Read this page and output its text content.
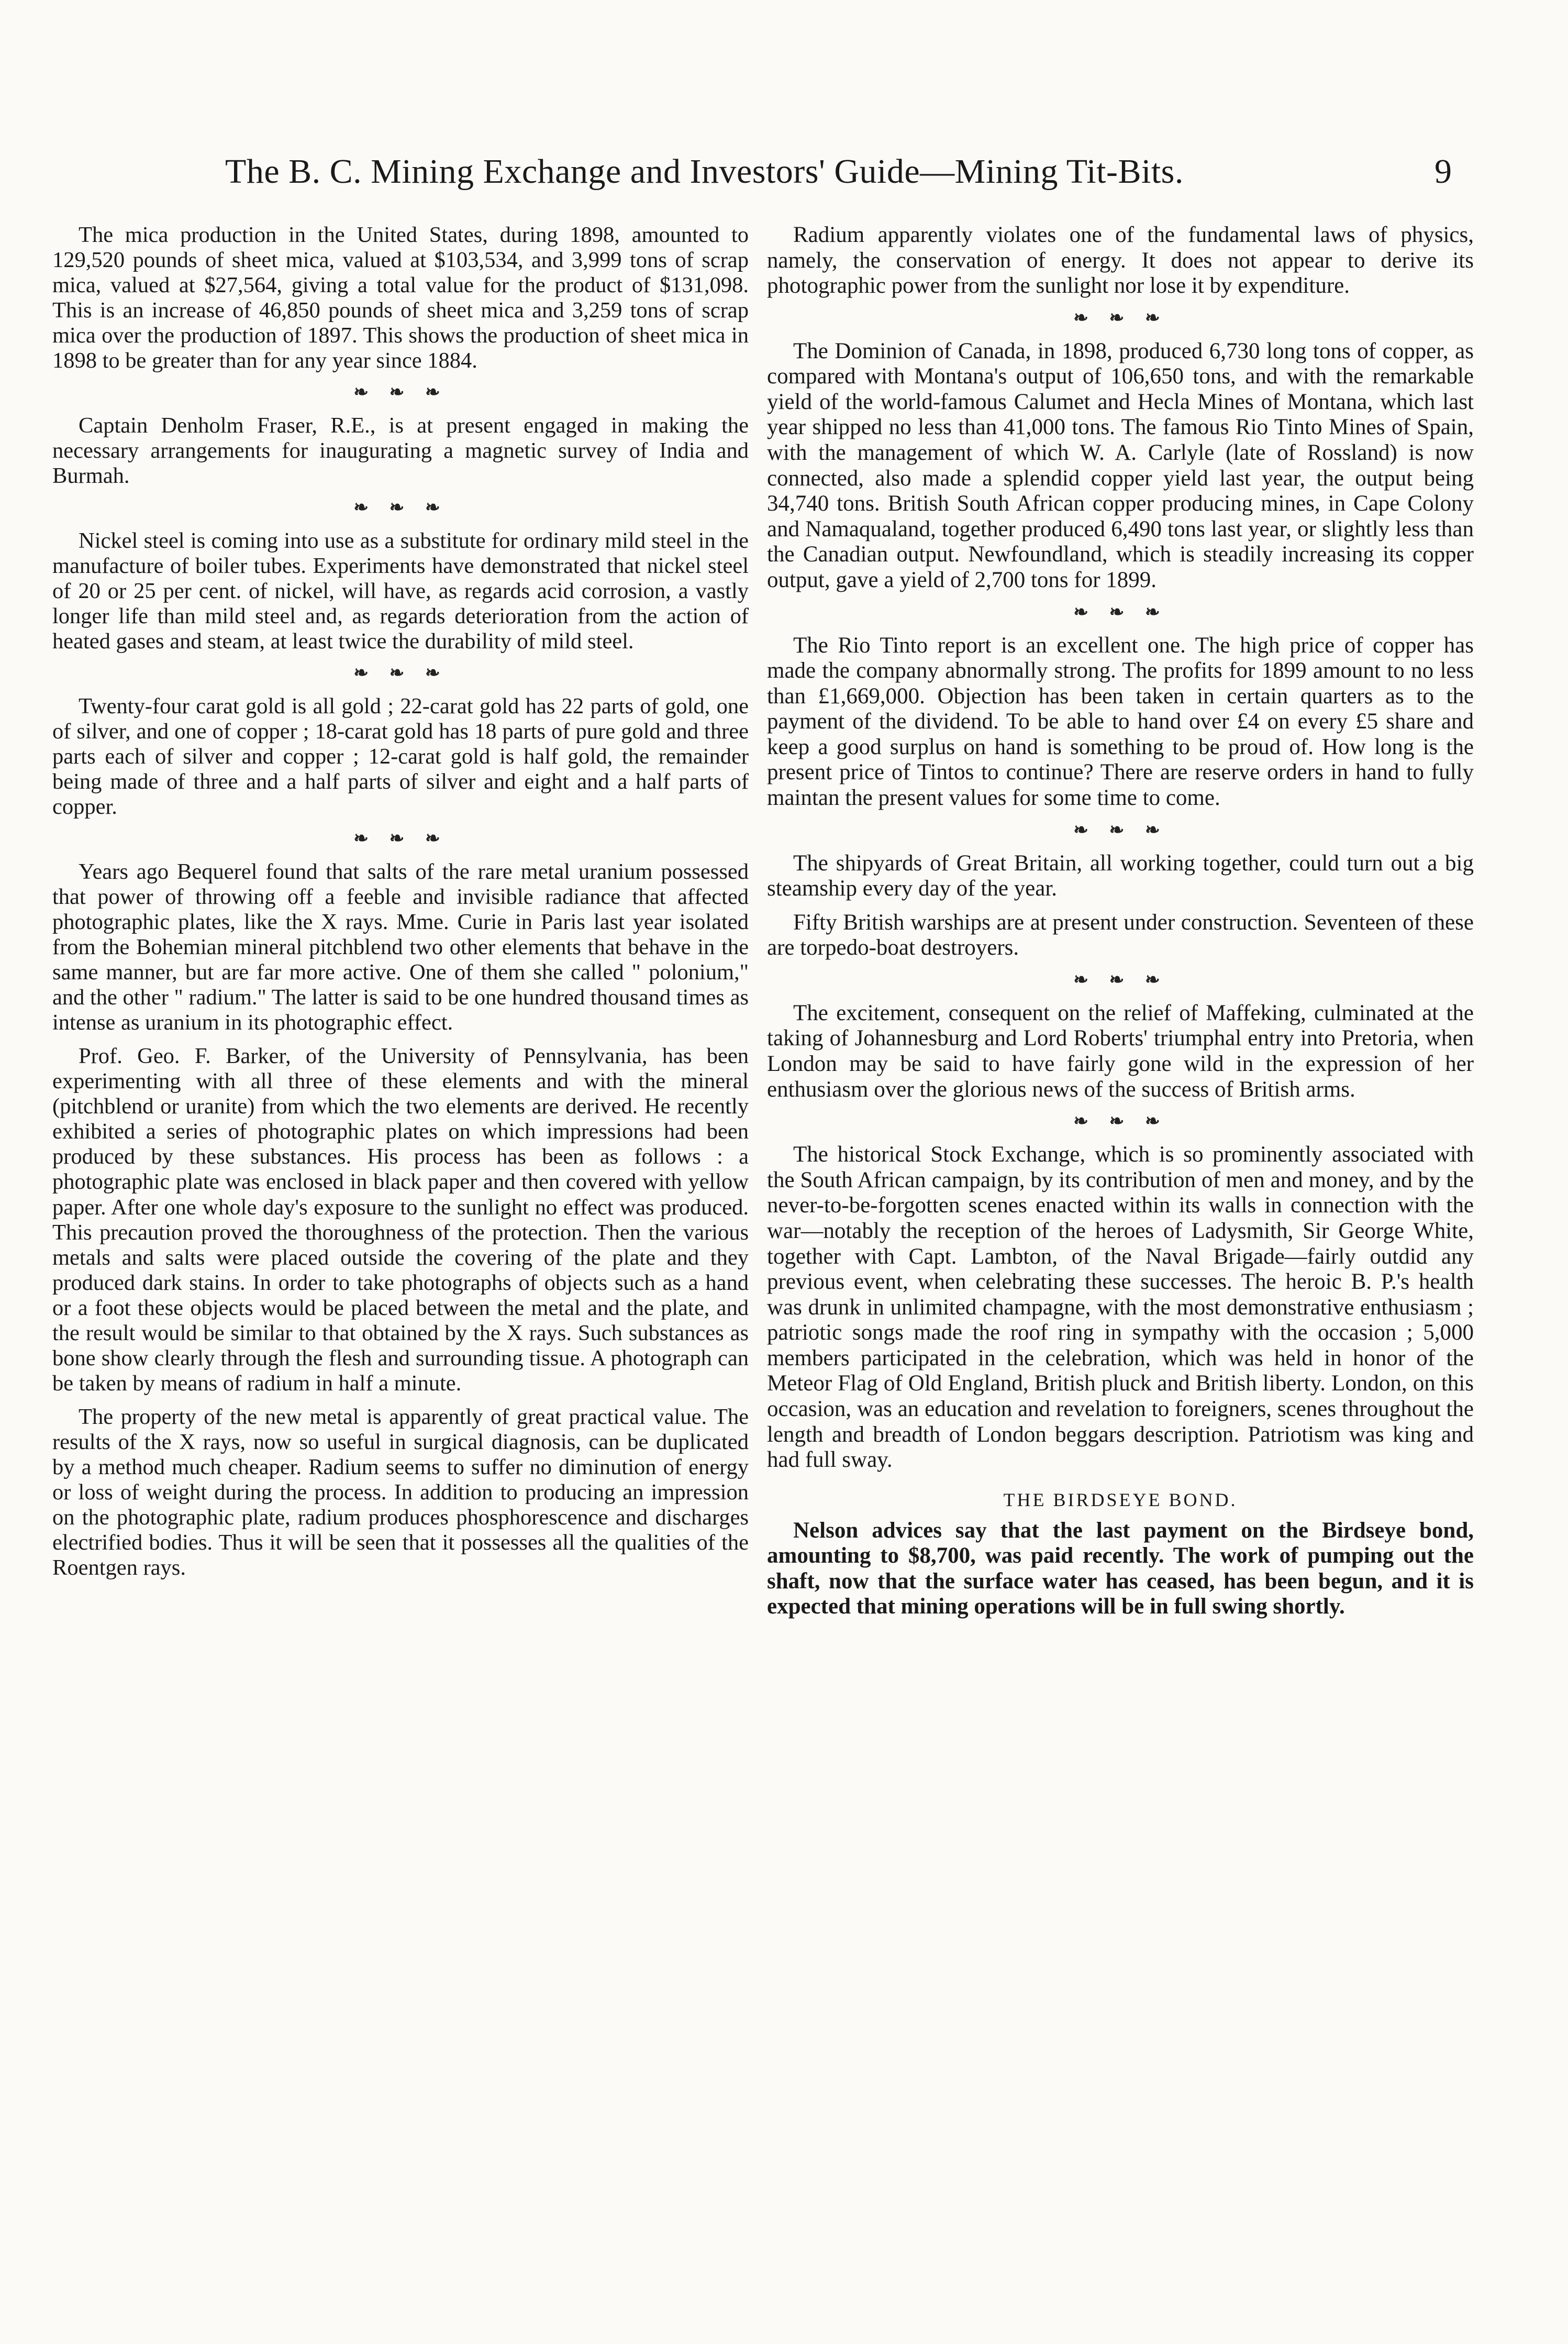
The B. C. Mining Exchange and Investors' Guide—Mining Tit-Bits.	9

The mica production in the United States, during 1898, amounted to 129,520 pounds of sheet mica, valued at $103,534, and 3,999 tons of scrap mica, valued at $27,564, giving a total value for the product of $131,098. This is an increase of 46,850 pounds of sheet mica and 3,259 tons of scrap mica over the production of 1897. This shows the production of sheet mica in 1898 to be greater than for any year since 1884.

❧ ❧ ❧

Captain Denholm Fraser, R.E., is at present engaged in making the necessary arrangements for inaugurating a magnetic survey of India and Burmah.

❧ ❧ ❧

Nickel steel is coming into use as a substitute for ordinary mild steel in the manufacture of boiler tubes. Experiments have demonstrated that nickel steel of 20 or 25 per cent. of nickel, will have, as regards acid corrosion, a vastly longer life than mild steel and, as regards deterioration from the action of heated gases and steam, at least twice the durability of mild steel.

❧ ❧ ❧

Twenty-four carat gold is all gold ; 22-carat gold has 22 parts of gold, one of silver, and one of copper ; 18-carat gold has 18 parts of pure gold and three parts each of silver and copper ; 12-carat gold is half gold, the remainder being made of three and a half parts of silver and eight and a half parts of copper.

❧ ❧ ❧

Years ago Bequerel found that salts of the rare metal uranium possessed that power of throwing off a feeble and invisible radiance that affected photographic plates, like the X rays. Mme. Curie in Paris last year isolated from the Bohemian mineral pitchblend two other elements that behave in the same manner, but are far more active. One of them she called " polonium," and the other " radium." The latter is said to be one hundred thousand times as intense as uranium in its photographic effect.

Prof. Geo. F. Barker, of the University of Pennsylvania, has been experimenting with all three of these elements and with the mineral (pitchblend or uranite) from which the two elements are derived. He recently exhibited a series of photographic plates on which impressions had been produced by these substances. His process has been as follows : a photographic plate was enclosed in black paper and then covered with yellow paper. After one whole day's exposure to the sunlight no effect was produced. This precaution proved the thoroughness of the protection. Then the various metals and salts were placed outside the covering of the plate and they produced dark stains. In order to take photographs of objects such as a hand or a foot these objects would be placed between the metal and the plate, and the result would be similar to that obtained by the X rays. Such substances as bone show clearly through the flesh and surrounding tissue. A photograph can be taken by means of radium in half a minute.

The property of the new metal is apparently of great practical value. The results of the X rays, now so useful in surgical diagnosis, can be duplicated by a method much cheaper. Radium seems to suffer no diminution of energy or loss of weight during the process. In addition to producing an impression on the photographic plate, radium produces phosphorescence and discharges electrified bodies. Thus it will be seen that it possesses all the qualities of the Roentgen rays.

Radium apparently violates one of the fundamental laws of physics, namely, the conservation of energy. It does not appear to derive its photographic power from the sunlight nor lose it by expenditure.

❧ ❧ ❧

The Dominion of Canada, in 1898, produced 6,730 long tons of copper, as compared with Montana's output of 106,650 tons, and with the remarkable yield of the world-famous Calumet and Hecla Mines of Montana, which last year shipped no less than 41,000 tons. The famous Rio Tinto Mines of Spain, with the management of which W. A. Carlyle (late of Rossland) is now connected, also made a splendid copper yield last year, the output being 34,740 tons. British South African copper producing mines, in Cape Colony and Namaqualand, together produced 6,490 tons last year, or slightly less than the Canadian output. Newfoundland, which is steadily increasing its copper output, gave a yield of 2,700 tons for 1899.

❧ ❧ ❧

The Rio Tinto report is an excellent one. The high price of copper has made the company abnormally strong. The profits for 1899 amount to no less than £1,669,000. Objection has been taken in certain quarters as to the payment of the dividend. To be able to hand over £4 on every £5 share and keep a good surplus on hand is something to be proud of. How long is the present price of Tintos to continue? There are reserve orders in hand to fully maintan the present values for some time to come.

❧ ❧ ❧

The shipyards of Great Britain, all working together, could turn out a big steamship every day of the year.

Fifty British warships are at present under construction. Seventeen of these are torpedo-boat destroyers.

❧ ❧ ❧

The excitement, consequent on the relief of Maffeking, culminated at the taking of Johannesburg and Lord Roberts' triumphal entry into Pretoria, when London may be said to have fairly gone wild in the expression of her enthusiasm over the glorious news of the success of British arms.

❧ ❧ ❧

The historical Stock Exchange, which is so prominently associated with the South African campaign, by its contribution of men and money, and by the never-to-be-forgotten scenes enacted within its walls in connection with the war—notably the reception of the heroes of Ladysmith, Sir George White, together with Capt. Lambton, of the Naval Brigade—fairly outdid any previous event, when celebrating these successes. The heroic B. P.'s health was drunk in unlimited champagne, with the most demonstrative enthusiasm ; patriotic songs made the roof ring in sympathy with the occasion ; 5,000 members participated in the celebration, which was held in honor of the Meteor Flag of Old England, British pluck and British liberty. London, on this occasion, was an education and revelation to foreigners, scenes throughout the length and breadth of London beggars description. Patriotism was king and had full sway.

THE BIRDSEYE BOND.

Nelson advices say that the last payment on the Birdseye bond, amounting to $8,700, was paid recently. The work of pumping out the shaft, now that the surface water has ceased, has been begun, and it is expected that mining operations will be in full swing shortly.
